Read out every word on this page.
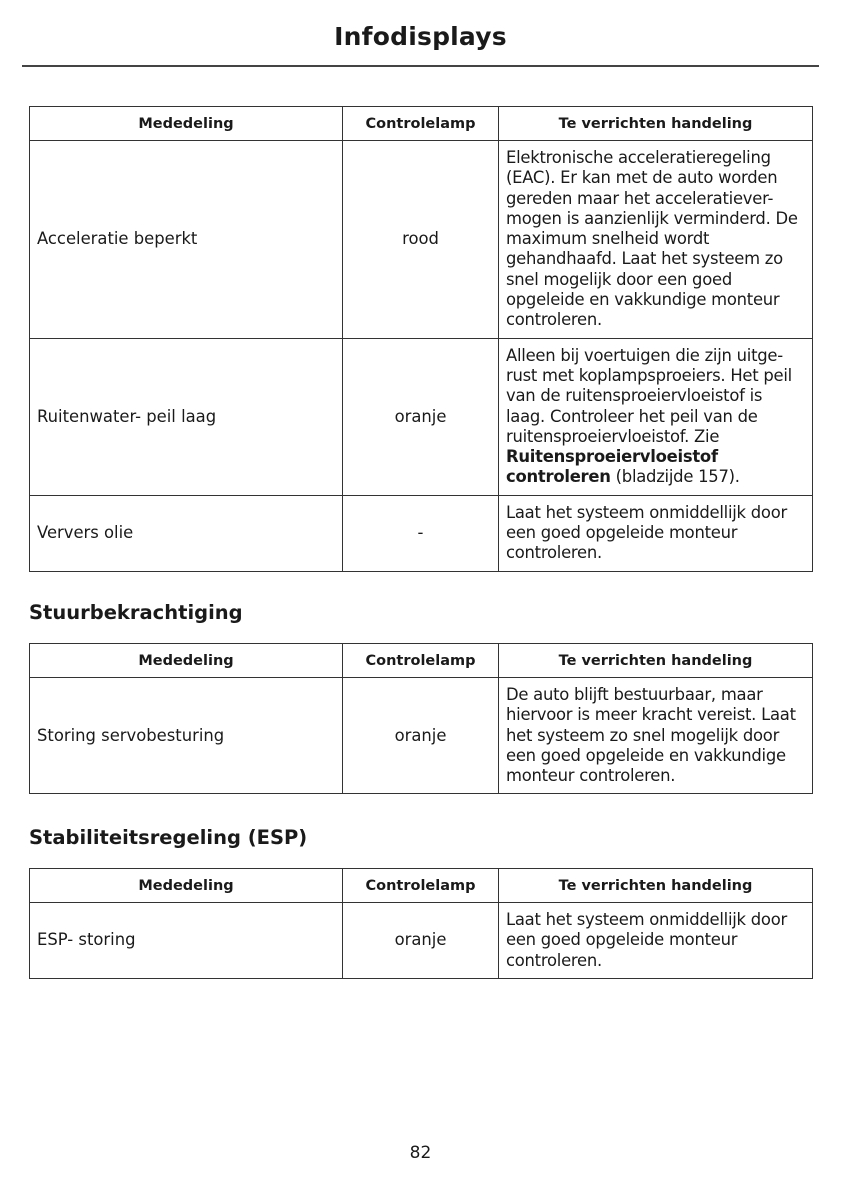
Infodisplays
Mededeling	Controlelamp	Te verrichten handeling
Acceleratie beperkt	rood	Elektronische acceleratieregeling (EAC). Er kan met de auto worden gereden maar het acceleratiever-mogen is aanzienlijk verminderd. De maximum snelheid wordt gehandhaafd. Laat het systeem zo snel mogelijk door een goed opgeleide en vakkundige monteur controleren.
Ruitenwater- peil laag	oranje	Alleen bij voertuigen die zijn uitge-rust met koplampsproeiers. Het peil van de ruitensproeiervloeistof is laag. Controleer het peil van de ruitensproeiervloeistof. Zie Ruitensproeiervloeistof controleren (bladzijde 157).
Ververs olie	-	Laat het systeem onmiddellijk door een goed opgeleide monteur controleren.
Stuurbekrachtiging
Mededeling	Controlelamp	Te verrichten handeling
Storing servobesturing	oranje	De auto blijft bestuurbaar, maar hiervoor is meer kracht vereist. Laat het systeem zo snel mogelijk door een goed opgeleide en vakkundige monteur controleren.
Stabiliteitsregeling (ESP)
Mededeling	Controlelamp	Te verrichten handeling
ESP- storing	oranje	Laat het systeem onmiddellijk door een goed opgeleide monteur controleren.
82
